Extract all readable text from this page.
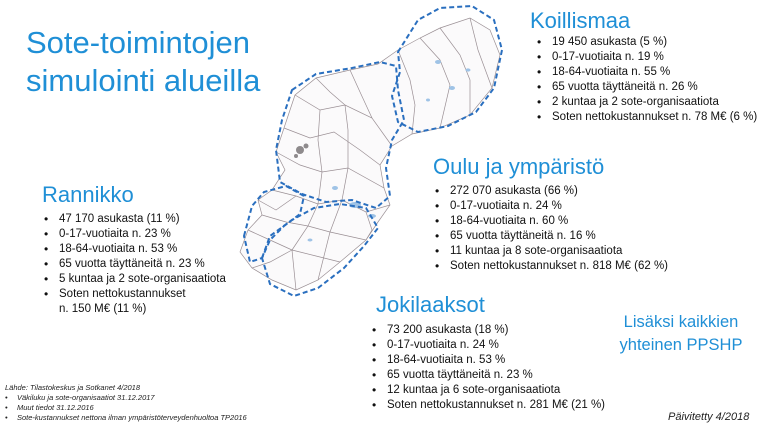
Sote-toimintojen
simulointi alueilla
Koillismaa
• 19 450 asukasta (5 %)
• 0-17-vuotiaita n. 19 %
• 18-64-vuotiaita n. 55 %
• 65 vuotta täyttäneitä n. 26 %
• 2 kuntaa ja 2 sote-organisaatiota
• Soten nettokustannukset n. 78 M€ (6 %)
Oulu ja ympäristö
• 272 070 asukasta (66 %)
• 0-17-vuotiaita n. 24 %
• 18-64-vuotiaita n. 60 %
• 65 vuotta täyttäneitä n. 16 %
• 11 kuntaa ja 8 sote-organisaatiota
• Soten nettokustannukset n. 818 M€ (62 %)
Rannikko
• 47 170 asukasta (11 %)
• 0-17-vuotiaita n. 23 %
• 18-64-vuotiaita n. 53 %
• 65 vuotta täyttäneitä n. 23 %
• 5 kuntaa ja 2 sote-organisaatiota
• Soten nettokustannukset
n. 150 M€ (11 %)	Jokilaaksot
• 73 200 asukasta (18 %)
• 0-17-vuotiaita n. 24 %
• 18-64-vuotiaita n. 53 %
• 65 vuotta täyttäneitä n. 23 %
• 12 kuntaa ja 6 sote-organisaatiota
• Soten nettokustannukset n. 281 M€ (21 %)
Lisäksi kaikkien
yhteinen PPSHP
Lähde: Tilastokeskus ja Sotkanet 4/2018
• Väkiluku ja sote-organisaatiot 31.12.2017
• Muut tiedot 31.12.2016
• Sote-kustannukset nettona ilman ympäristöterveydenhuoltoa TP2016	Päivitetty 4/2018
